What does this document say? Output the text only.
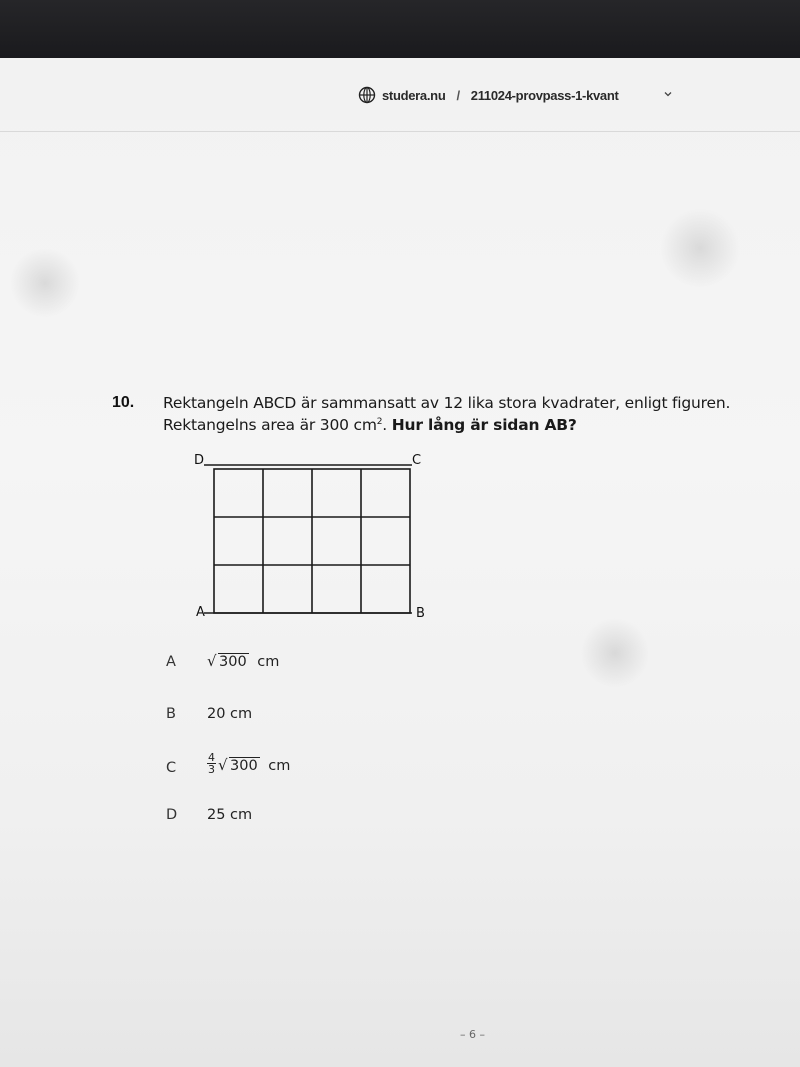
studera.nu / 211024-provpass-1-kvant
10. Rektangeln ABCD är sammansatt av 12 lika stora kvadrater, enligt figuren.
Rektangelns area är 300 $cm^2$. Hur lång är sidan AB?
D	C
A	B
A √ 300 cm
B 20 cm
C	$\frac{4}{3}$ √ 300 cm
D 25 cm
– 6 –
